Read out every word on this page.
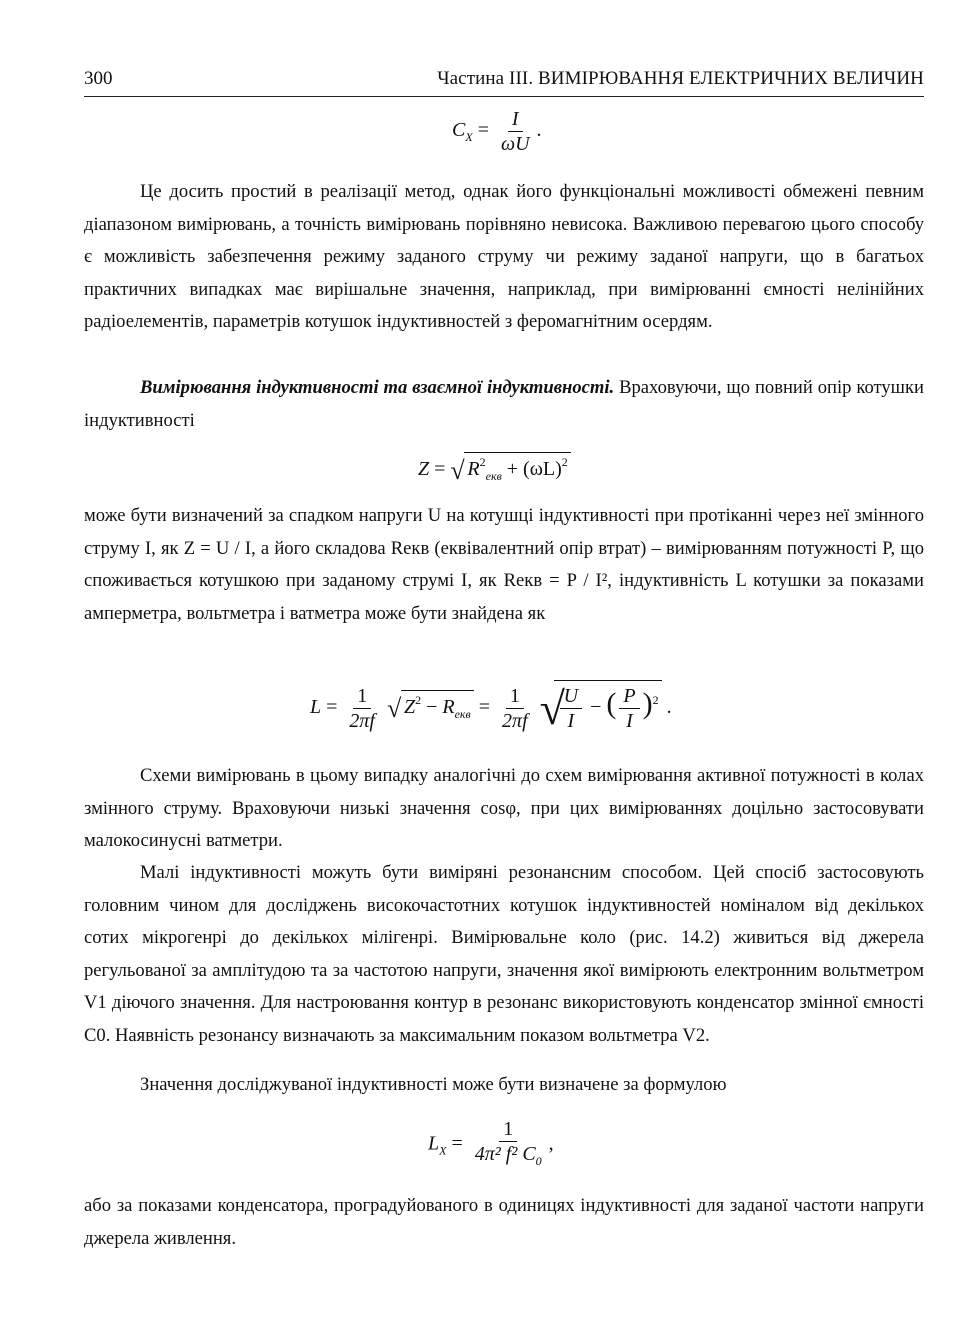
300	Частина III. ВИМІРЮВАННЯ ЕЛЕКТРИЧНИХ ВЕЛИЧИН
$C_X = \frac{I}{\omega U}$ .

Це досить простий в реалізації метод, однак його функціональні можливості обмежені певним діапазоном вимірювань, а точність вимірювань порівняно невисока. Важливою перевагою цього способу є можливість забезпечення режиму заданого струму чи режиму заданої напруги, що в багатьох практичних випадках має вирішальне значення, наприклад, при вимірюванні ємності нелінійних радіоелементів, параметрів котушок індуктивностей з феромагнітним осердям.

Вимірювання індуктивності та взаємної індуктивності. Враховуючи, що повний опір котушки індуктивності

Z = √ $R^2_{екв} + (\omega L)^2$

може бути визначений за спадком напруги U на котушці індуктивності при протіканні через неї змінного струму I, як Z = U / I, а його складова Rекв (еквівалентний опір втрат) – вимірюванням потужності P, що споживається котушкою при заданому струмі I, як Rекв = P / I², індуктивність L котушки за показами амперметра, вольтметра і ватметра може бути знайдена як

$L = \frac{1}{2\pi f}$
√ $Z^2 - R_{екв} = \frac{1}{2\pi f}$
√
$\frac{U}{I}$ − ( $\frac{P}{I} )^2$ .

Схеми вимірювань в цьому випадку аналогічні до схем вимірювання активної потужності в колах змінного струму. Враховуючи низькі значення cosφ, при цих вимірюваннях доцільно застосовувати малокосинусні ватметри.

Малі індуктивності можуть бути виміряні резонансним способом. Цей спосіб застосовують головним чином для досліджень високочастотних котушок індуктивностей номіналом від декількох сотих мікрогенрі до декількох мілігенрі. Вимірювальне коло (рис. 14.2) живиться від джерела регульованої за амплітудою та за частотою напруги, значення якої вимірюють електронним вольтметром V1 діючого значення. Для настроювання контур в резонанс використовують конденсатор змінної ємності C0. Наявність резонансу визначають за максимальним показом вольтметра V2.

Значення досліджуваної індуктивності може бути визначене за формулою

$L_X = \frac{1}{4\pi^2 f^2 C_0}$ ,

або за показами конденсатора, проградуйованого в одиницях індуктивності для заданої частоти напруги джерела живлення.
